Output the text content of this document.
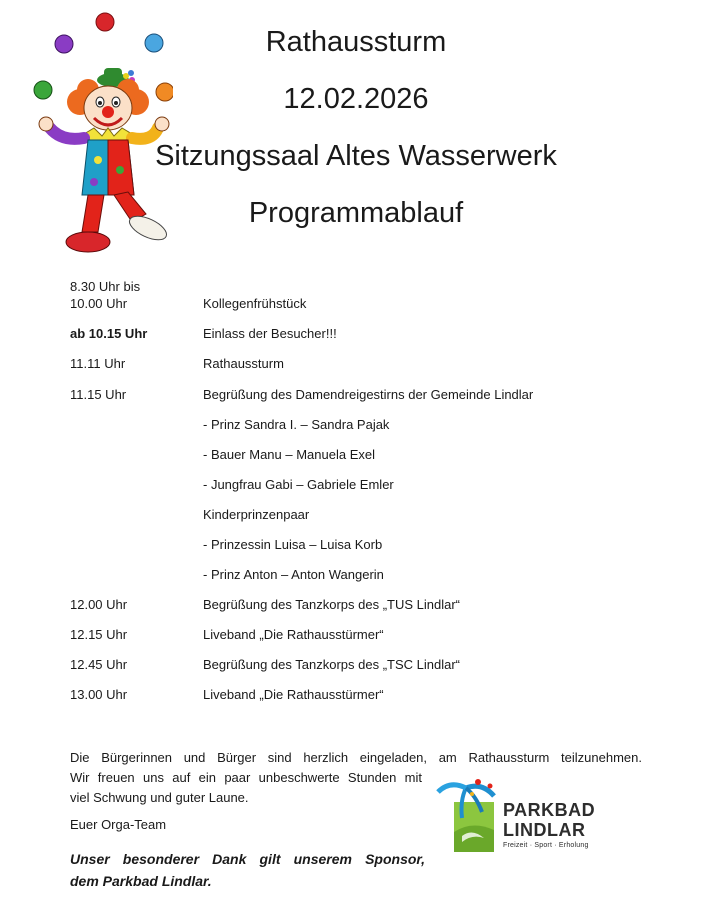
Rathaussturm
12.02.2026
Sitzungssaal Altes Wasserwerk
Programmablauf
8.30 Uhr bis
10.00 Uhr	Kollegenfrühstück
ab 10.15 Uhr	Einlass der Besucher!!!
11.11 Uhr	Rathaussturm
11.15 Uhr	Begrüßung des Damendreigestirns der Gemeinde Lindlar
- Prinz Sandra I. – Sandra Pajak
- Bauer Manu – Manuela Exel
- Jungfrau Gabi – Gabriele Emler
Kinderprinzenpaar
- Prinzessin Luisa – Luisa Korb
- Prinz Anton – Anton Wangerin
12.00 Uhr	Begrüßung des Tanzkorps des „TUS Lindlar“
12.15 Uhr	Liveband „Die Rathausstürmer“
12.45 Uhr	Begrüßung des Tanzkorps des „TSC Lindlar“
13.00 Uhr	Liveband „Die Rathausstürmer“
Die Bürgerinnen und Bürger sind herzlich eingeladen, am Rathaussturm teilzunehmen.
Wir freuen uns auf ein paar unbeschwerte Stunden mit
viel Schwung und guter Laune.
Euer Orga-Team
Unser besonderer Dank gilt unserem Sponsor,
dem Parkbad Lindlar.
PARKBAD
LINDLAR
Freizeit · Sport · Erholung
